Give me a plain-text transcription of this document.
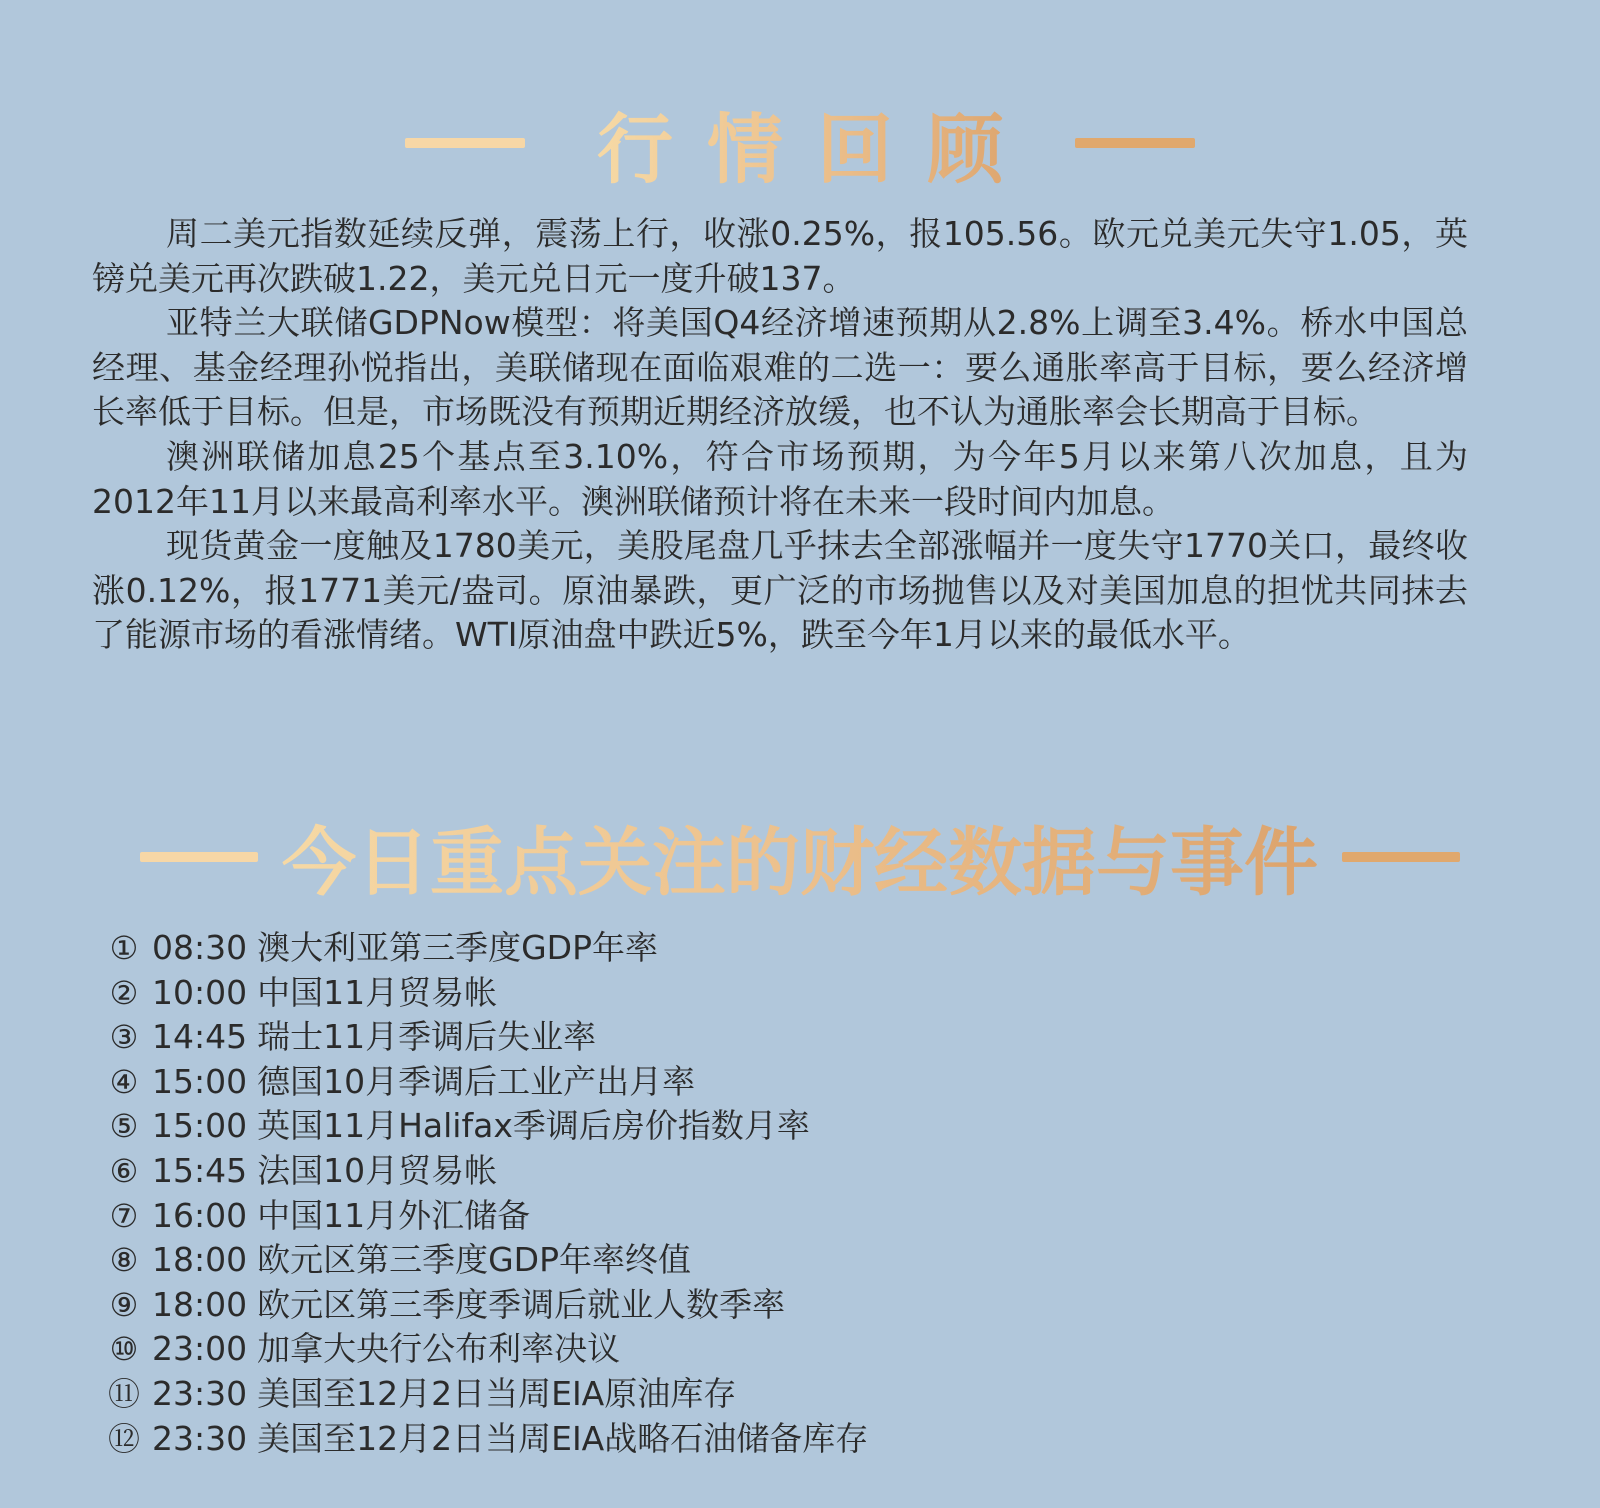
行情回顾

周二美元指数延续反弹，震荡上行，收涨0.25%，报105.56。欧元兑美元失守1.05，英镑兑美元再次跌破1.22，美元兑日元一度升破137。

亚特兰大联储GDPNow模型：将美国Q4经济增速预期从2.8%上调至3.4%。桥水中国总经理、基金经理孙悦指出，美联储现在面临艰难的二选一：要么通胀率高于目标，要么经济增长率低于目标。但是，市场既没有预期近期经济放缓，也不认为通胀率会长期高于目标。

澳洲联储加息25个基点至3.10%，符合市场预期，为今年5月以来第八次加息，且为2012年11月以来最高利率水平。澳洲联储预计将在未来一段时间内加息。

现货黄金一度触及1780美元，美股尾盘几乎抹去全部涨幅并一度失守1770关口，最终收涨0.12%，报1771美元/盎司。原油暴跌，更广泛的市场抛售以及对美国加息的担忧共同抹去了能源市场的看涨情绪。WTI原油盘中跌近5%，跌至今年1月以来的最低水平。

今日重点关注的财经数据与事件
① 08:30 澳大利亚第三季度GDP年率
② 10:00 中国11月贸易帐
③ 14:45 瑞士11月季调后失业率
④ 15:00 德国10月季调后工业产出月率
⑤ 15:00 英国11月Halifax季调后房价指数月率
⑥ 15:45 法国10月贸易帐
⑦ 16:00 中国11月外汇储备
⑧ 18:00 欧元区第三季度GDP年率终值
⑨ 18:00 欧元区第三季度季调后就业人数季率
⑩ 23:00 加拿大央行公布利率决议
⑪ 23:30 美国至12月2日当周EIA原油库存
⑫ 23:30 美国至12月2日当周EIA战略石油储备库存
